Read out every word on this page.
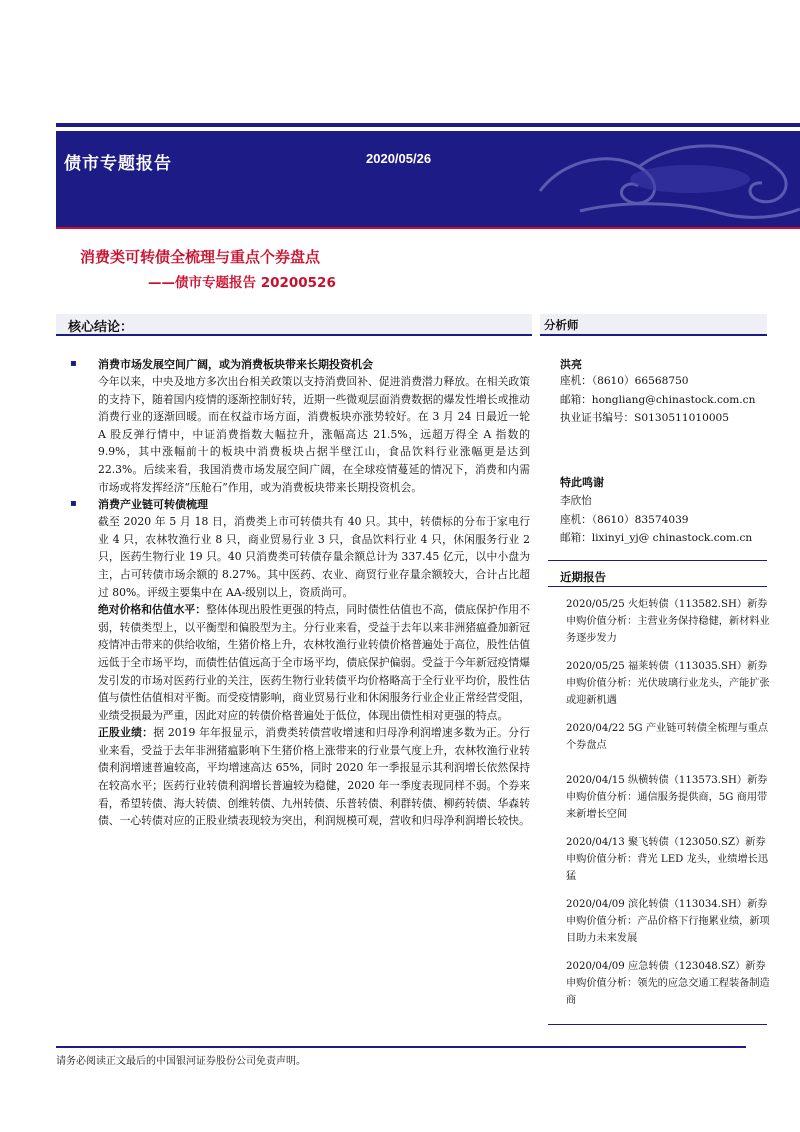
债市专题报告	2020/05/26
消费类可转债全梳理与重点个券盘点
——债市专题报告 20200526
核心结论：	分析师
▪ 消费市场发展空间广阔，或为消费板块带来长期投资机会
今年以来，中央及地方多次出台相关政策以支持消费回补、促进消费潜力释放。在相关政策的支持下，随着国内疫情的逐渐控制好转，近期一些微观层面消费数据的爆发性增长或推动消费行业的逐渐回暖。而在权益市场方面，消费板块亦涨势较好。在 3 月 24 日最近一轮 A 股反弹行情中，中证消费指数大幅拉升，涨幅高达 21.5%，远超万得全 A 指数的 9.9%，其中涨幅前十的板块中消费板块占据半壁江山，食品饮料行业涨幅更是达到 22.3%。后续来看，我国消费市场发展空间广阔，在全球疫情蔓延的情况下，消费和内需市场或将发挥经济“压舱石”作用，或为消费板块带来长期投资机会。
▪ 消费产业链可转债梳理
截至 2020 年 5 月 18 日，消费类上市可转债共有 40 只。其中，转债标的分布于家电行业 4 只，农林牧渔行业 8 只，商业贸易行业 3 只，食品饮料行业 4 只，休闲服务行业 2 只，医药生物行业 19 只。40 只消费类可转债存量余额总计为 337.45 亿元，以中小盘为主，占可转债市场余额的 8.27%。其中医药、农业、商贸行业存量余额较大，合计占比超过 80%。评级主要集中在 AA-级别以上，资质尚可。
绝对价格和估值水平：整体体现出股性更强的特点，同时债性估值也不高，债底保护作用不弱，转债类型上，以平衡型和偏股型为主。分行业来看，受益于去年以来非洲猪瘟叠加新冠疫情冲击带来的供给收缩，生猪价格上升，农林牧渔行业转债价格普遍处于高位，股性估值远低于全市场平均，而债性估值远高于全市场平均，债底保护偏弱。受益于今年新冠疫情爆发引发的市场对医药行业的关注，医药生物行业转债平均价格略高于全行业平均价，股性估值与债性估值相对平衡。而受疫情影响，商业贸易行业和休闲服务行业企业正常经营受阻，业绩受损最为严重，因此对应的转债价格普遍处于低位，体现出债性相对更强的特点。
正股业绩：据 2019 年年报显示，消费类转债营收增速和归母净利润增速多数为正。分行业来看，受益于去年非洲猪瘟影响下生猪价格上涨带来的行业景气度上升，农林牧渔行业转债利润增速普遍较高，平均增速高达 65%，同时 2020 年一季报显示其利润增长依然保持在较高水平；医药行业转债利润增长普遍较为稳健，2020 年一季度表现同样不弱。个券来看，希望转债、海大转债、创维转债、九州转债、乐普转债、利群转债、柳药转债、华森转债、一心转债对应的正股业绩表现较为突出，利润规模可观，营收和归母净利润增长较快。
洪亮
座机：（8610）66568750
邮箱：hongliang@chinastock.com.cn
执业证书编号：S0130511010005
特此鸣谢
李欣怡
座机：（8610）83574039
邮箱：lixinyi_yj@ chinastock.com.cn
近期报告
2020/05/25 火炬转债（113582.SH）新券申购价值分析：主营业务保持稳健，新材料业务逐步发力
2020/05/25 福莱转债（113035.SH）新券申购价值分析：光伏玻璃行业龙头，产能扩张或迎新机遇
2020/04/22 5G 产业链可转债全梳理与重点个券盘点
2020/04/15 纵横转债（113573.SH）新券申购价值分析：通信服务提供商，5G 商用带来新增长空间
2020/04/13 聚飞转债（123050.SZ）新券申购价值分析：背光 LED 龙头，业绩增长迅猛
2020/04/09 滨化转债（113034.SH）新券申购价值分析：产品价格下行拖累业绩，新项目助力未来发展
2020/04/09 应急转债（123048.SZ）新券申购价值分析：领先的应急交通工程装备制造商
请务必阅读正文最后的中国银河证券股份公司免责声明。
